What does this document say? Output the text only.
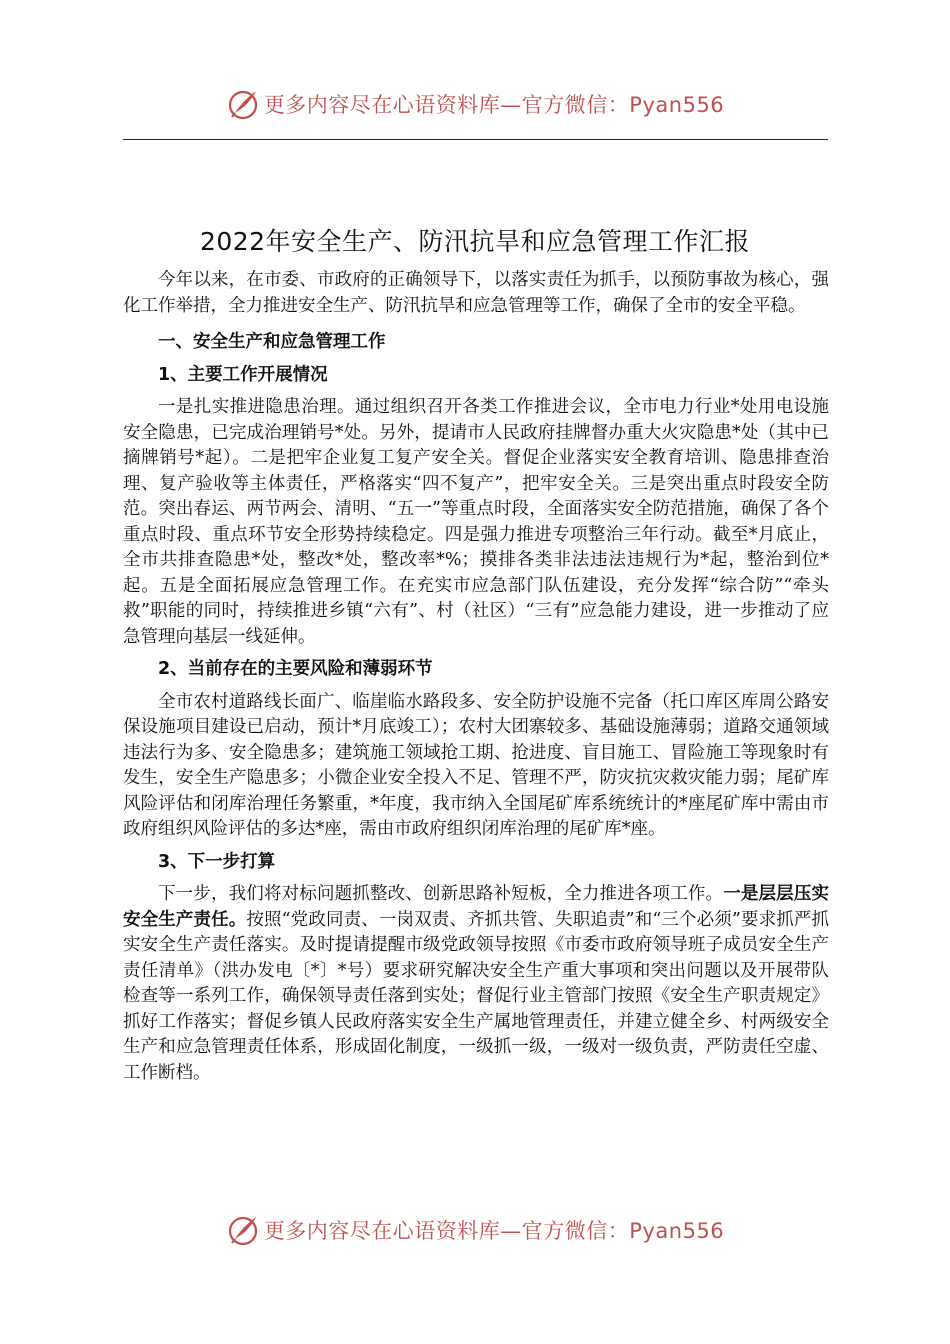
更多内容尽在心语资料库—官方微信：Pyan556
2022年安全生产、防汛抗旱和应急管理工作汇报

今年以来，在市委、市政府的正确领导下，以落实责任为抓手，以预防事故为核心，强化工作举措，全力推进安全生产、防汛抗旱和应急管理等工作，确保了全市的安全平稳。

一、安全生产和应急管理工作

1、主要工作开展情况

一是扎实推进隐患治理。通过组织召开各类工作推进会议，全市电力行业*处用电设施安全隐患，已完成治理销号*处。另外，提请市人民政府挂牌督办重大火灾隐患*处（其中已摘牌销号*起）。二是把牢企业复工复产安全关。督促企业落实安全教育培训、隐患排查治理、复产验收等主体责任，严格落实“四不复产”，把牢安全关。三是突出重点时段安全防范。突出春运、两节两会、清明、“五一”等重点时段，全面落实安全防范措施，确保了各个重点时段、重点环节安全形势持续稳定。四是强力推进专项整治三年行动。截至*月底止，全市共排查隐患*处，整改*处，整改率*%；摸排各类非法违法违规行为*起，整治到位*起。五是全面拓展应急管理工作。在充实市应急部门队伍建设，充分发挥“综合防”“牵头救”职能的同时，持续推进乡镇“六有”、村（社区）“三有”应急能力建设，进一步推动了应急管理向基层一线延伸。

2、当前存在的主要风险和薄弱环节

全市农村道路线长面广、临崖临水路段多、安全防护设施不完备（托口库区库周公路安保设施项目建设已启动，预计*月底竣工）；农村大团寨较多、基础设施薄弱；道路交通领域违法行为多、安全隐患多；建筑施工领域抢工期、抢进度、盲目施工、冒险施工等现象时有发生，安全生产隐患多；小微企业安全投入不足、管理不严，防灾抗灾救灾能力弱；尾矿库风险评估和闭库治理任务繁重，*年度，我市纳入全国尾矿库系统统计的*座尾矿库中需由市政府组织风险评估的多达*座，需由市政府组织闭库治理的尾矿库*座。

3、下一步打算

下一步，我们将对标问题抓整改、创新思路补短板，全力推进各项工作。一是层层压实安全生产责任。按照“党政同责、一岗双责、齐抓共管、失职追责”和“三个必须”要求抓严抓实安全生产责任落实。及时提请提醒市级党政领导按照《市委市政府领导班子成员安全生产责任清单》（洪办发电〔*〕*号）要求研究解决安全生产重大事项和突出问题以及开展带队检查等一系列工作，确保领导责任落到实处；督促行业主管部门按照《安全生产职责规定》抓好工作落实；督促乡镇人民政府落实安全生产属地管理责任，并建立健全乡、村两级安全生产和应急管理责任体系，形成固化制度，一级抓一级，一级对一级负责，严防责任空虚、工作断档。

更多内容尽在心语资料库—官方微信：Pyan556
